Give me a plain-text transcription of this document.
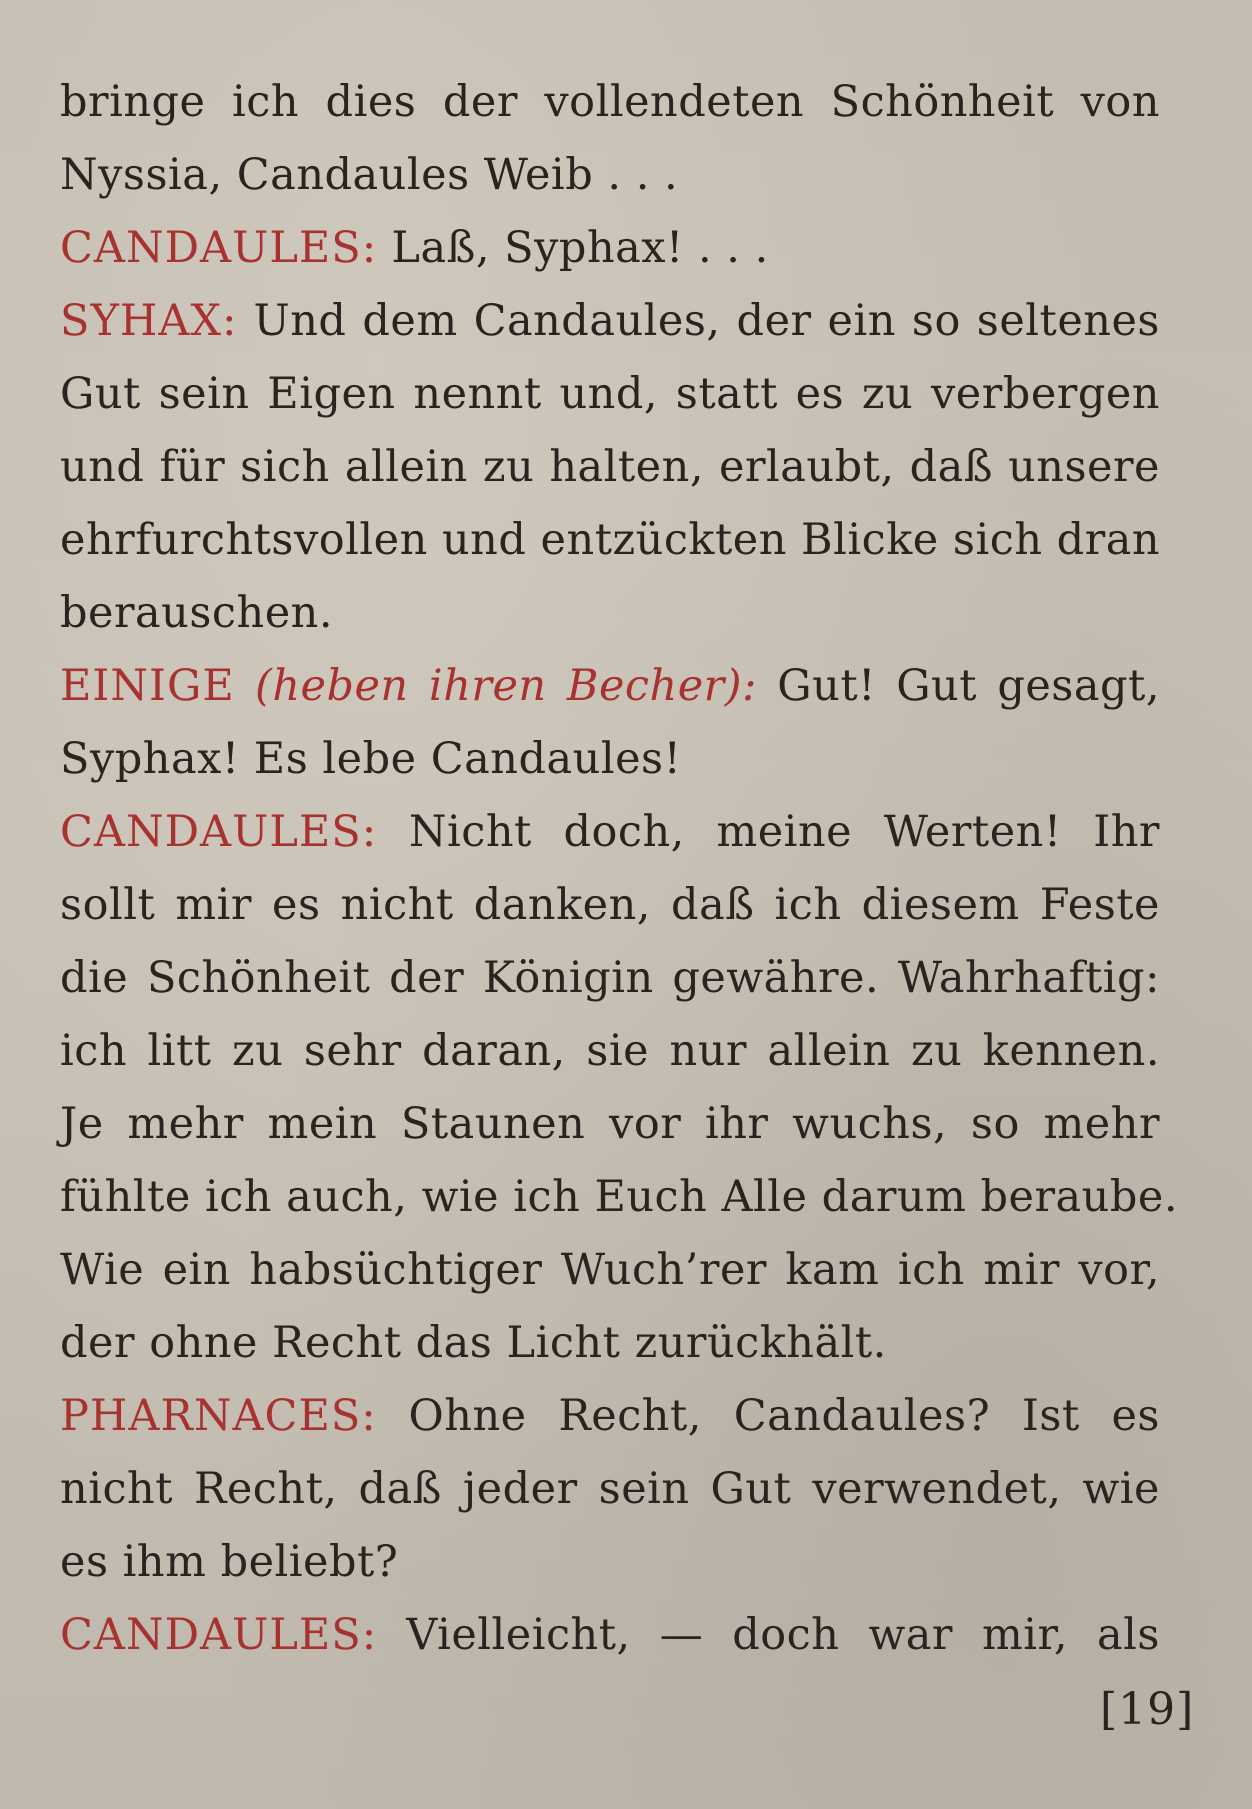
bringe ich dies der vollendeten Schönheit von
Nyssia, Candaules Weib . . .
CANDAULES: Laß, Syphax! . . .
SYHAX: Und dem Candaules, der ein so seltenes
Gut sein Eigen nennt und, statt es zu verbergen
und für sich allein zu halten, erlaubt, daß unsere
ehrfurchtsvollen und entzückten Blicke sich dran
berauschen.
EINIGE (heben ihren Becher): Gut! Gut gesagt,
Syphax! Es lebe Candaules!
CANDAULES: Nicht doch, meine Werten! Ihr
sollt mir es nicht danken, daß ich diesem Feste
die Schönheit der Königin gewähre. Wahrhaftig:
ich litt zu sehr daran, sie nur allein zu kennen.
Je mehr mein Staunen vor ihr wuchs, so mehr
fühlte ich auch, wie ich Euch Alle darum beraube.
Wie ein habsüchtiger Wuch’rer kam ich mir vor,
der ohne Recht das Licht zurückhält.
PHARNACES: Ohne Recht, Candaules? Ist es
nicht Recht, daß jeder sein Gut verwendet, wie
es ihm beliebt?
CANDAULES: Vielleicht, — doch war mir, als
[19]
